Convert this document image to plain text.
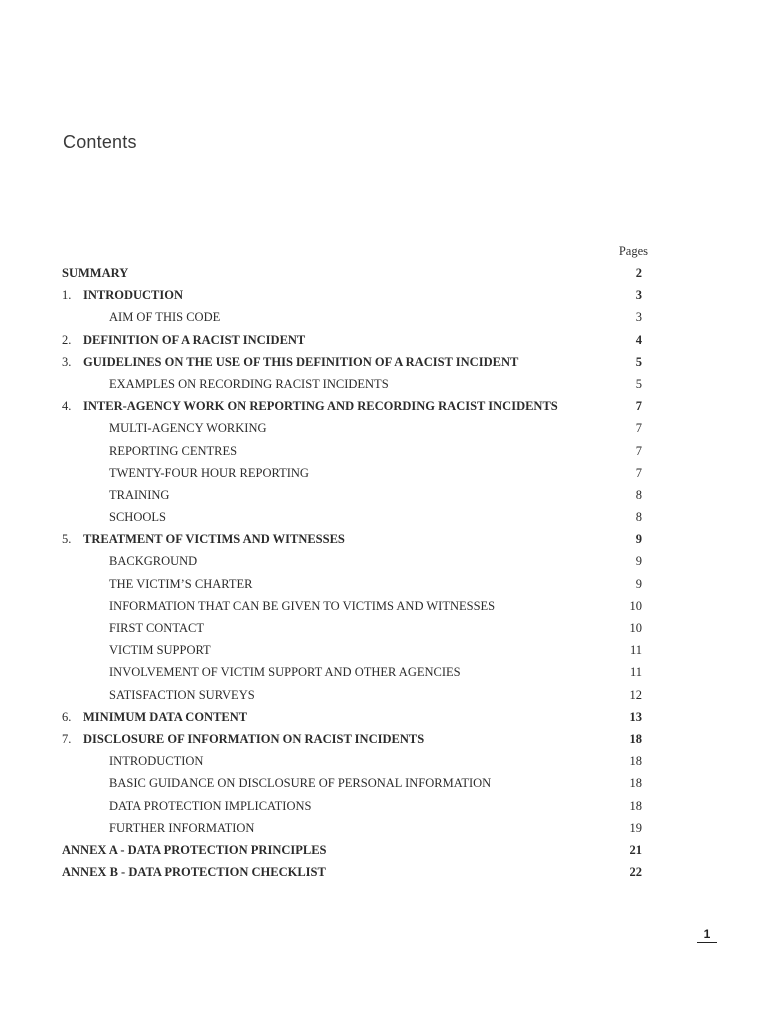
Contents
Pages
SUMMARY	2
1. INTRODUCTION	3
AIM OF THIS CODE	3
2. DEFINITION OF A RACIST INCIDENT	4
3. GUIDELINES ON THE USE OF THIS DEFINITION OF A RACIST INCIDENT	5
EXAMPLES ON RECORDING RACIST INCIDENTS	5
4. INTER-AGENCY WORK ON REPORTING AND RECORDING RACIST INCIDENTS	7
MULTI-AGENCY WORKING	7
REPORTING CENTRES	7
TWENTY-FOUR HOUR REPORTING	7
TRAINING	8
SCHOOLS	8
5. TREATMENT OF VICTIMS AND WITNESSES	9
BACKGROUND	9
THE VICTIM’S CHARTER	9
INFORMATION THAT CAN BE GIVEN TO VICTIMS AND WITNESSES	10
FIRST CONTACT	10
VICTIM SUPPORT	11
INVOLVEMENT OF VICTIM SUPPORT AND OTHER AGENCIES	11
SATISFACTION SURVEYS	12
6. MINIMUM DATA CONTENT	13
7. DISCLOSURE OF INFORMATION ON RACIST INCIDENTS	18
INTRODUCTION	18
BASIC GUIDANCE ON DISCLOSURE OF PERSONAL INFORMATION	18
DATA PROTECTION IMPLICATIONS	18
FURTHER INFORMATION	19
ANNEX A - DATA PROTECTION PRINCIPLES	21
ANNEX B - DATA PROTECTION CHECKLIST	22
1
